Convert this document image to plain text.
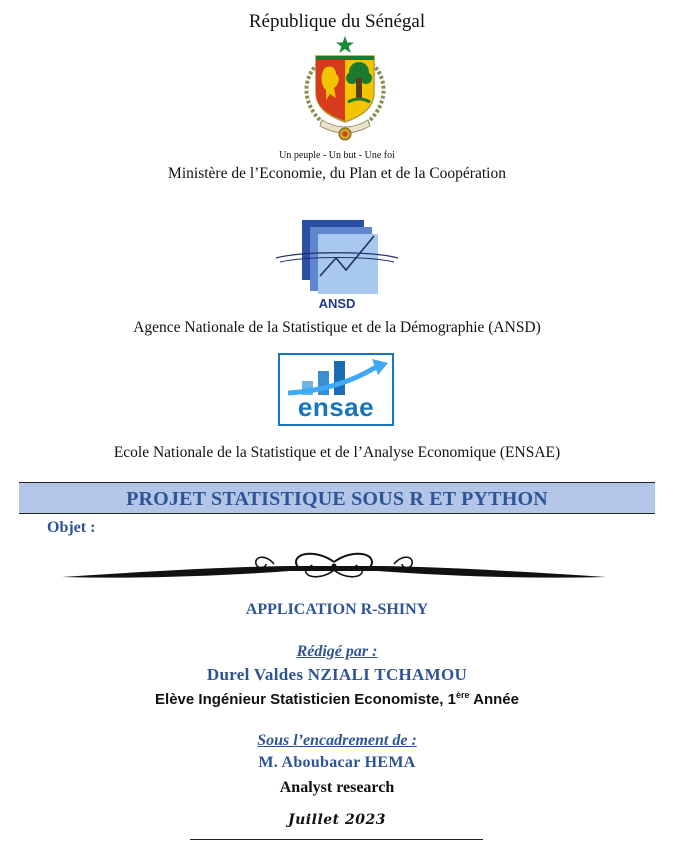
République du Sénégal
Un peuple - Un but - Une foi
Ministère de l’Economie, du Plan et de la Coopération
ANSD
Agence Nationale de la Statistique et de la Démographie (ANSD)
ensae
Ecole Nationale de la Statistique et de l’Analyse Economique (ENSAE)
PROJET STATISTIQUE SOUS R ET PYTHON
Objet :
APPLICATION R-SHINY
Rédigé par :
Durel Valdes NZIALI TCHAMOU
Elève Ingénieur Statisticien Economiste, 1ère Année
Sous l’encadrement de :
M. Aboubacar HEMA
Analyst research
Juillet 2023
